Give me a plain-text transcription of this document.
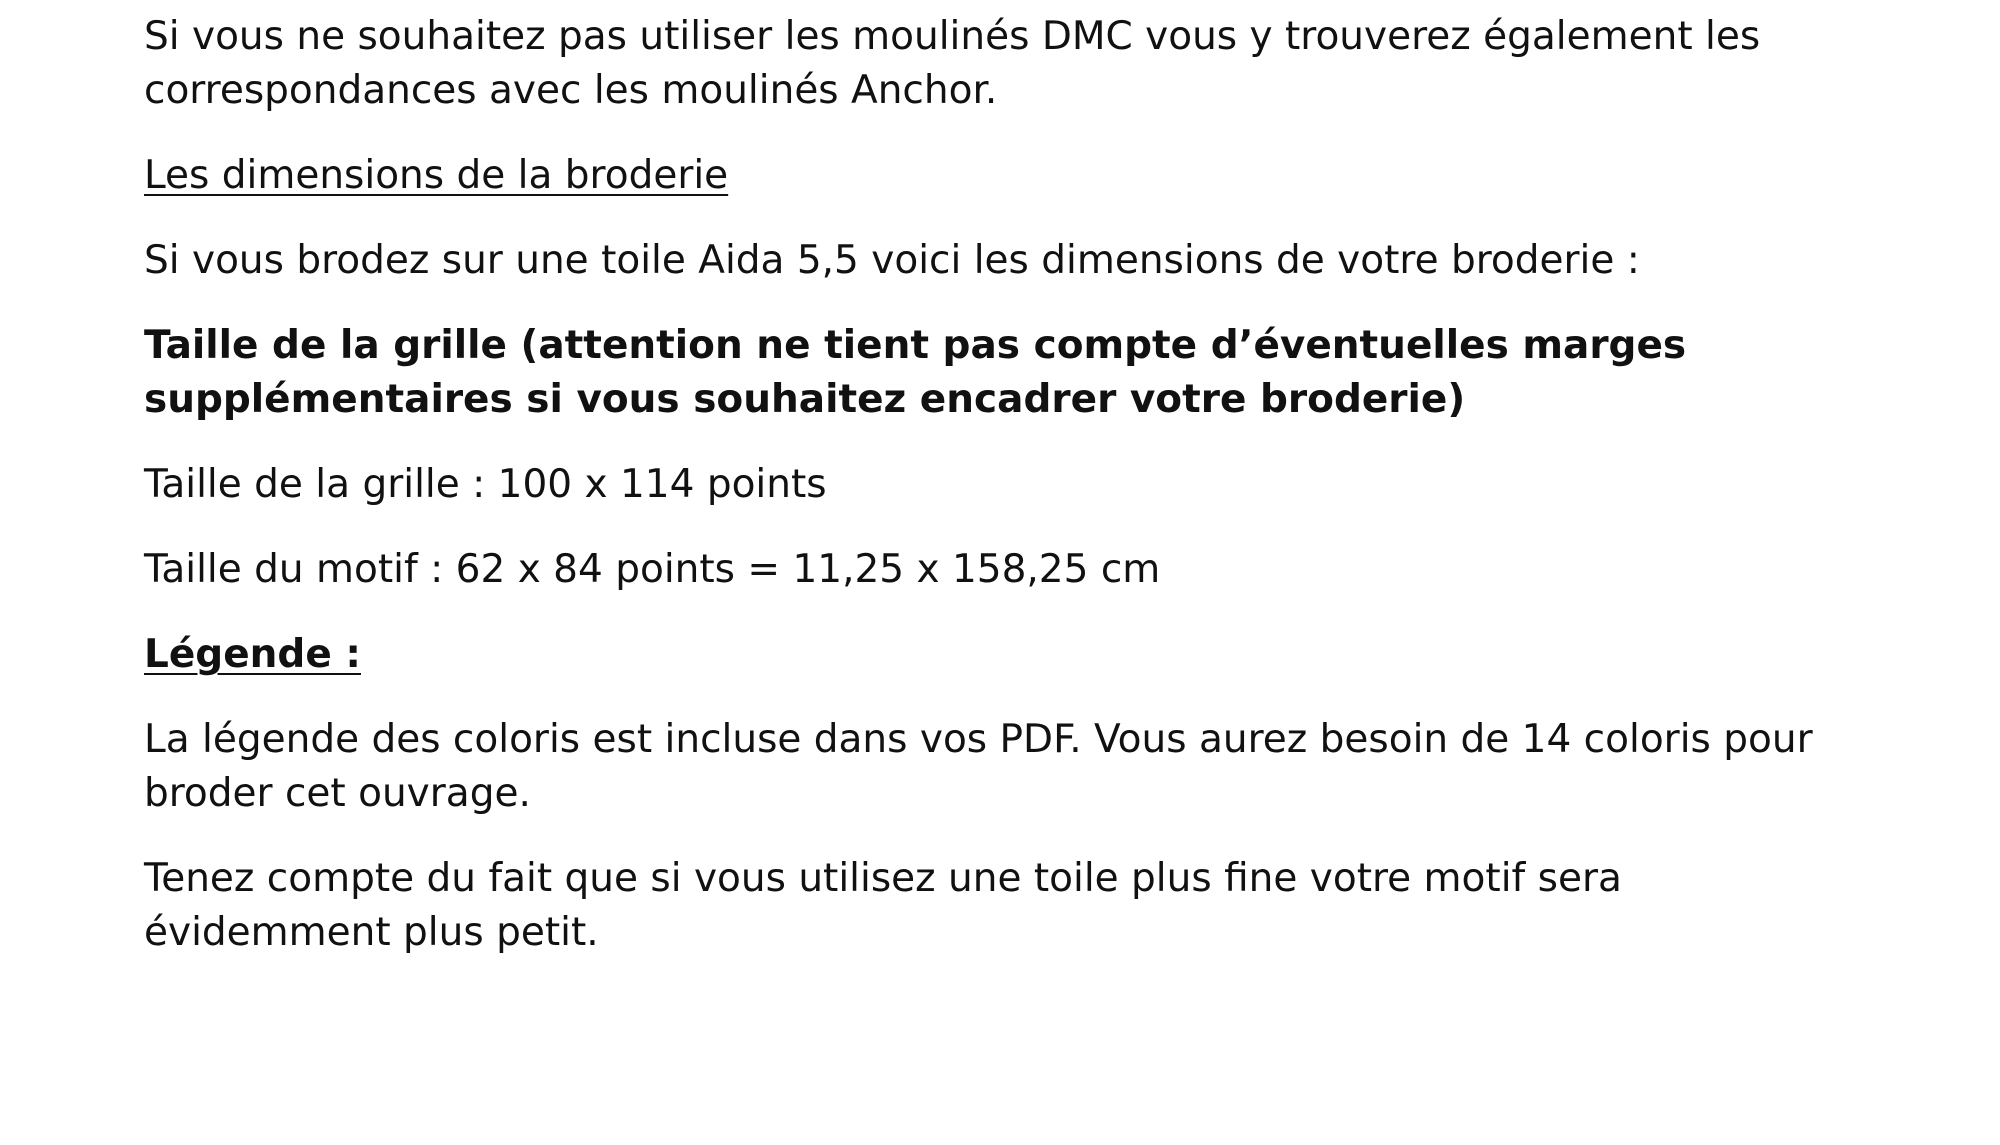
Si vous ne souhaitez pas utiliser les moulinés DMC vous y trouverez également les
correspondances avec les moulinés Anchor.

Les dimensions de la broderie

Si vous brodez sur une toile Aida 5,5 voici les dimensions de votre broderie :

Taille de la grille (attention ne tient pas compte d’éventuelles marges
supplémentaires si vous souhaitez encadrer votre broderie)

Taille de la grille : 100 x 114 points

Taille du motif : 62 x 84 points = 11,25 x 158,25 cm

Légende :

La légende des coloris est incluse dans vos PDF. Vous aurez besoin de 14 coloris pour
broder cet ouvrage.

Tenez compte du fait que si vous utilisez une toile plus fine votre motif sera
évidemment plus petit.
